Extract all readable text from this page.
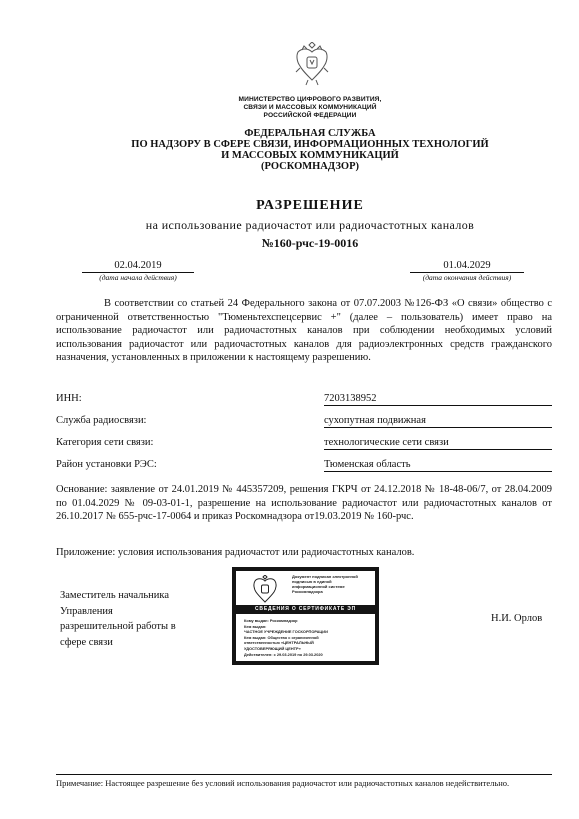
МИНИСТЕРСТВО ЦИФРОВОГО РАЗВИТИЯ,
СВЯЗИ И МАССОВЫХ КОММУНИКАЦИЙ
РОССИЙСКОЙ ФЕДЕРАЦИИ
ФЕДЕРАЛЬНАЯ СЛУЖБА
ПО НАДЗОРУ В СФЕРЕ СВЯЗИ, ИНФОРМАЦИОННЫХ ТЕХНОЛОГИЙ
И МАССОВЫХ КОММУНИКАЦИЙ
(РОСКОМНАДЗОР)
РАЗРЕШЕНИЕ
на использование радиочастот или радиочастотных каналов
№160-рчс-19-0016
02.04.2019
(дата начала действия)
01.04.2029
(дата окончания действия)
В соответствии со статьей 24 Федерального закона от 07.07.2003 №126-ФЗ «О связи» общество с ограниченной ответственностью "Тюменьтехспецсервис +" (далее – пользователь) имеет право на использование радиочастот или радиочастотных каналов при соблюдении необходимых условий использования радиочастот или радиочастотных каналов для радиоэлектронных средств гражданского назначения, установленных в приложении к настоящему разрешению.
ИНН:	7203138952
Служба радиосвязи:	сухопутная подвижная
Категория сети связи:	технологические сети связи
Район установки РЭС:	Тюменская область
Основание: заявление от 24.01.2019 № 445357209, решения ГКРЧ от 24.12.2018 № 18-48-06/7, от 28.04.2009 по 01.04.2029 № 09-03-01-1, разрешение на использование радиочастот или радиочастотных каналов от 26.10.2017 № 655-рчс-17-0064 и приказ Роскомнадзора от19.03.2019 № 160-рчс.
Приложение: условия использования радиочастот или радиочастотных каналов.
Заместитель начальника
Управления
разрешительной работы в
сфере связи
Документ подписан электронной
подписью в единой
информационной системе
Роскомнадзора
СВЕДЕНИЯ О СЕРТИФИКАТЕ ЭП
Кому выдан: Роскомнадзор
Кем выдан:
ЧАСТНОЕ УЧРЕЖДЕНИЕ ГОСКОРПОРАЦИИ
Кем выдан: Общество с ограниченной
ответственностью «ЦЕНТРАЛЬНЫЙ
УДОСТОВЕРЯЮЩИЙ ЦЕНТР»
Действителен: с 29.03.2019 по 29.03.2020
Н.И. Орлов
Примечание: Настоящее разрешение без условий использования радиочастот или радиочастотных каналов недействительно.
